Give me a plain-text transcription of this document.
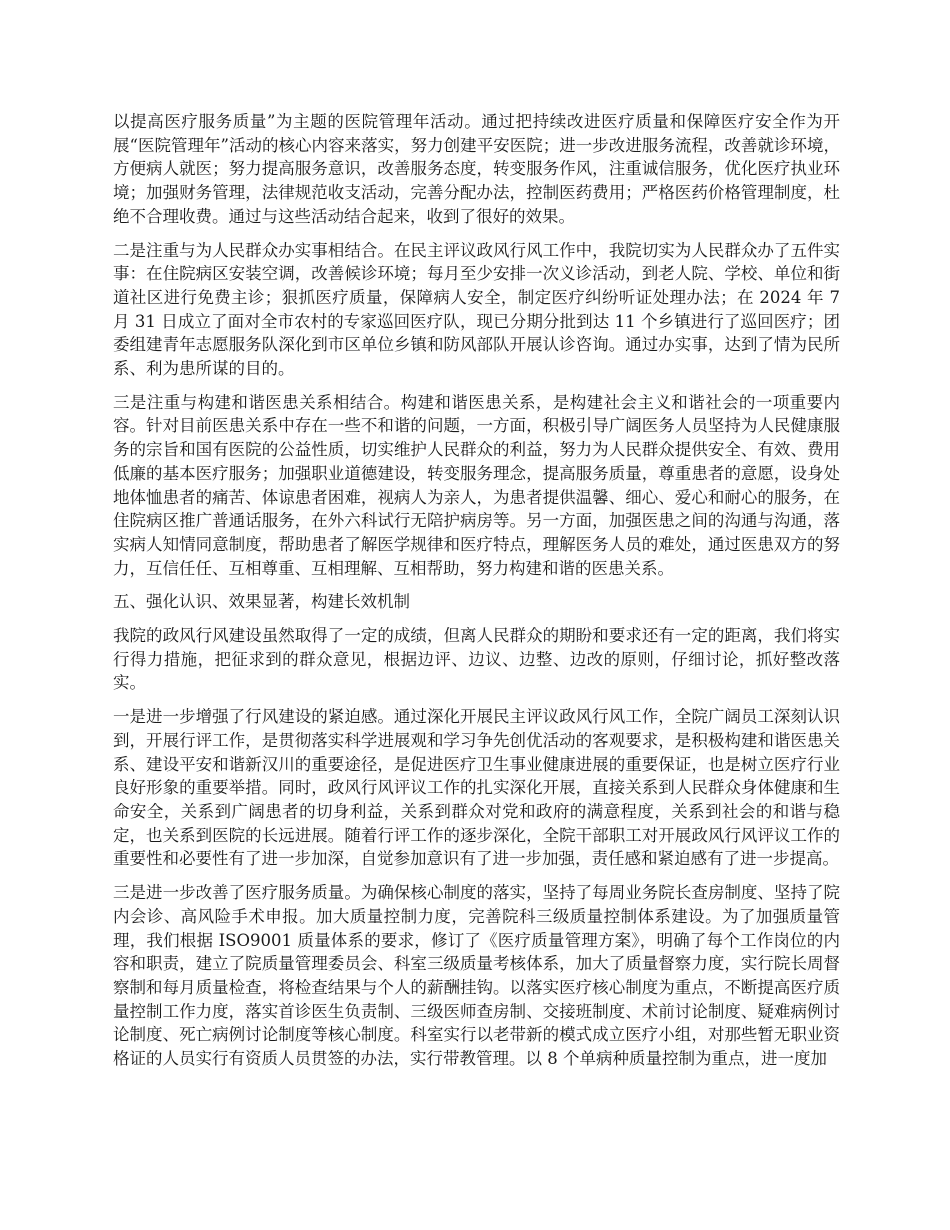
以提高医疗服务质量”为主题的医院管理年活动。通过把持续改进医疗质量和保障医疗安全作为开展“医院管理年”活动的核心内容来落实，努力创建平安医院；进一步改进服务流程，改善就诊环境，方便病人就医；努力提高服务意识，改善服务态度，转变服务作风，注重诚信服务，优化医疗执业环境；加强财务管理，法律规范收支活动，完善分配办法，控制医药费用；严格医药价格管理制度，杜绝不合理收费。通过与这些活动结合起来，收到了很好的效果。

二是注重与为人民群众办实事相结合。在民主评议政风行风工作中，我院切实为人民群众办了五件实事：在住院病区安装空调，改善候诊环境；每月至少安排一次义诊活动，到老人院、学校、单位和街道社区进行免费主诊；狠抓医疗质量，保障病人安全，制定医疗纠纷听证处理办法；在 2024 年 7 月 31 日成立了面对全市农村的专家巡回医疗队，现已分期分批到达 11 个乡镇进行了巡回医疗；团委组建青年志愿服务队深化到市区单位乡镇和防风部队开展认诊咨询。通过办实事，达到了情为民所系、利为患所谋的目的。

三是注重与构建和谐医患关系相结合。构建和谐医患关系，是构建社会主义和谐社会的一项重要内容。针对目前医患关系中存在一些不和谐的问题，一方面，积极引导广阔医务人员坚持为人民健康服务的宗旨和国有医院的公益性质，切实维护人民群众的利益，努力为人民群众提供安全、有效、费用低廉的基本医疗服务；加强职业道德建设，转变服务理念，提高服务质量，尊重患者的意愿，设身处地体恤患者的痛苦、体谅患者困难，视病人为亲人，为患者提供温馨、细心、爱心和耐心的服务，在住院病区推广普通话服务，在外六科试行无陪护病房等。另一方面，加强医患之间的沟通与沟通，落实病人知情同意制度，帮助患者了解医学规律和医疗特点，理解医务人员的难处，通过医患双方的努力，互信任任、互相尊重、互相理解、互相帮助，努力构建和谐的医患关系。

五、强化认识、效果显著，构建长效机制

我院的政风行风建设虽然取得了一定的成绩，但离人民群众的期盼和要求还有一定的距离，我们将实行得力措施，把征求到的群众意见，根据边评、边议、边整、边改的原则，仔细讨论，抓好整改落实。

一是进一步增强了行风建设的紧迫感。通过深化开展民主评议政风行风工作，全院广阔员工深刻认识到，开展行评工作，是贯彻落实科学进展观和学习争先创优活动的客观要求，是积极构建和谐医患关系、建设平安和谐新汉川的重要途径，是促进医疗卫生事业健康进展的重要保证，也是树立医疗行业良好形象的重要举措。同时，政风行风评议工作的扎实深化开展，直接关系到人民群众身体健康和生命安全，关系到广阔患者的切身利益，关系到群众对党和政府的满意程度，关系到社会的和谐与稳定，也关系到医院的长远进展。随着行评工作的逐步深化，全院干部职工对开展政风行风评议工作的重要性和必要性有了进一步加深，自觉参加意识有了进一步加强，责任感和紧迫感有了进一步提高。

三是进一步改善了医疗服务质量。为确保核心制度的落实，坚持了每周业务院长查房制度、坚持了院内会诊、高风险手术申报。加大质量控制力度，完善院科三级质量控制体系建设。为了加强质量管理，我们根据 ISO9001 质量体系的要求，修订了《医疗质量管理方案》，明确了每个工作岗位的内容和职责，建立了院质量管理委员会、科室三级质量考核体系，加大了质量督察力度，实行院长周督察制和每月质量检查，将检查结果与个人的薪酬挂钩。以落实医疗核心制度为重点，不断提高医疗质量控制工作力度，落实首诊医生负责制、三级医师查房制、交接班制度、术前讨论制度、疑难病例讨论制度、死亡病例讨论制度等核心制度。科室实行以老带新的模式成立医疗小组，对那些暂无职业资格证的人员实行有资质人员贯签的办法，实行带教管理。以 8 个单病种质量控制为重点，进一度加
